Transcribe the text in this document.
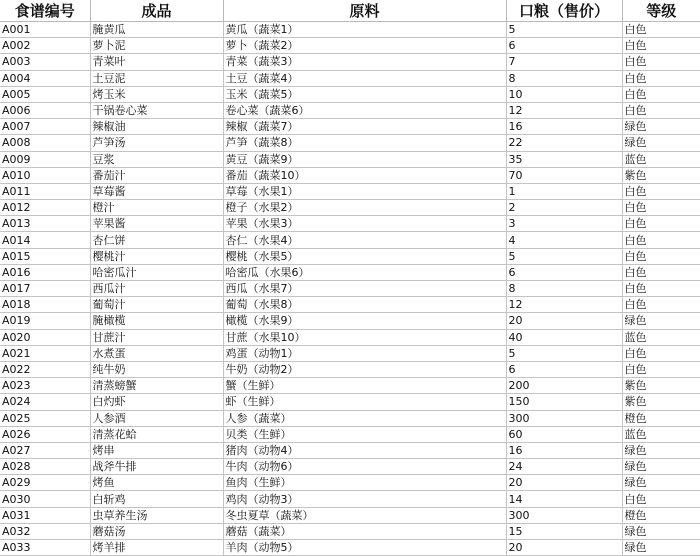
食谱编号	成品	原料	口粮（售价）	等级
A001	腌黄瓜	黄瓜（蔬菜1）	5	白色
A002	萝卜泥	萝卜（蔬菜2）	6	白色
A003	青菜叶	青菜（蔬菜3）	7	白色
A004	土豆泥	土豆（蔬菜4）	8	白色
A005	烤玉米	玉米（蔬菜5）	10	白色
A006	干锅卷心菜	卷心菜（蔬菜6）	12	白色
A007	辣椒油	辣椒（蔬菜7）	16	绿色
A008	芦笋汤	芦笋（蔬菜8）	22	绿色
A009	豆浆	黄豆（蔬菜9）	35	蓝色
A010	番茄汁	番茄（蔬菜10）	70	紫色
A011	草莓酱	草莓（水果1）	1	白色
A012	橙汁	橙子（水果2）	2	白色
A013	苹果酱	苹果（水果3）	3	白色
A014	杏仁饼	杏仁（水果4）	4	白色
A015	樱桃汁	樱桃（水果5）	5	白色
A016	哈密瓜汁	哈密瓜（水果6）	6	白色
A017	西瓜汁	西瓜（水果7）	8	白色
A018	葡萄汁	葡萄（水果8）	12	白色
A019	腌橄榄	橄榄（水果9）	20	绿色
A020	甘蔗汁	甘蔗（水果10）	40	蓝色
A021	水煮蛋	鸡蛋（动物1）	5	白色
A022	纯牛奶	牛奶（动物2）	6	白色
A023	清蒸螃蟹	蟹（生鲜）	200	紫色
A024	白灼虾	虾（生鲜）	150	紫色
A025	人参酒	人参（蔬菜）	300	橙色
A026	清蒸花蛤	贝类（生鲜）	60	蓝色
A027	烤串	猪肉（动物4）	16	绿色
A028	战斧牛排	牛肉（动物6）	24	绿色
A029	烤鱼	鱼肉（生鲜）	20	绿色
A030	白斩鸡	鸡肉（动物3）	14	白色
A031	虫草养生汤	冬虫夏草（蔬菜）	300	橙色
A032	蘑菇汤	蘑菇（蔬菜）	15	绿色
A033	烤羊排	羊肉（动物5）	20	绿色
